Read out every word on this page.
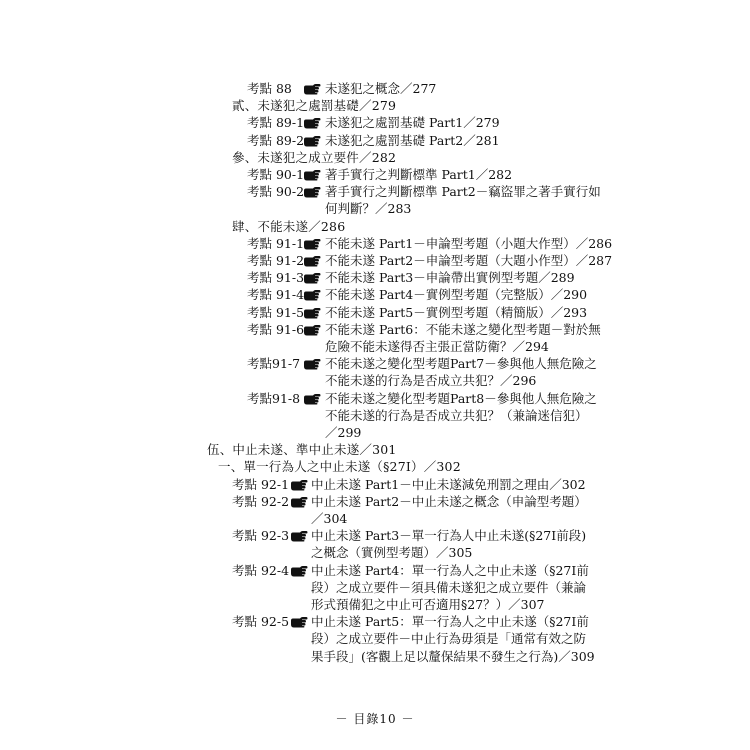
考點 88	未遂犯之概念／277
貳、未遂犯之處罰基礎／279
考點 89-1 未遂犯之處罰基礎 Part1／279
考點 89-2 未遂犯之處罰基礎 Part2／281
參、未遂犯之成立要件／282
考點 90-1 著手實行之判斷標準 Part1／282
考點 90-2 著手實行之判斷標準 Part2－竊盜罪之著手實行如
何判斷？／283
肆、不能未遂／286
考點 91-1 不能未遂 Part1－申論型考題（小題大作型）／286
考點 91-2 不能未遂 Part2－申論型考題（大題小作型）／287
考點 91-3 不能未遂 Part3－申論帶出實例型考題／289
考點 91-4 不能未遂 Part4－實例型考題（完整版）／290
考點 91-5 不能未遂 Part5－實例型考題（精簡版）／293
考點 91-6 不能未遂 Part6：不能未遂之變化型考題－對於無
危險不能未遂得否主張正當防衛？／294
考點91-7 不能未遂之變化型考題Part7－參與他人無危險之
不能未遂的行為是否成立共犯？／296
考點91-8 不能未遂之變化型考題Part8－參與他人無危險之
不能未遂的行為是否成立共犯？（兼論迷信犯）
／299
伍、中止未遂、準中止未遂／301
一、單一行為人之中止未遂（§27Ⅰ）／302
考點 92-1 中止未遂 Part1－中止未遂減免刑罰之理由／302
考點 92-2 中止未遂 Part2－中止未遂之概念（申論型考題）
／304
考點 92-3 中止未遂 Part3－單一行為人中止未遂(§27Ⅰ前段)
之概念（實例型考題）／305
考點 92-4 中止未遂 Part4：單一行為人之中止未遂（§27Ⅰ前
段）之成立要件－須具備未遂犯之成立要件（兼論
形式預備犯之中止可否適用§27？）／307
考點 92-5 中止未遂 Part5：單一行為人之中止未遂（§27Ⅰ前
段）之成立要件－中止行為毋須是「通常有效之防
果手段」(客觀上足以釐保結果不發生之行為)／309
－ 目錄10 －
